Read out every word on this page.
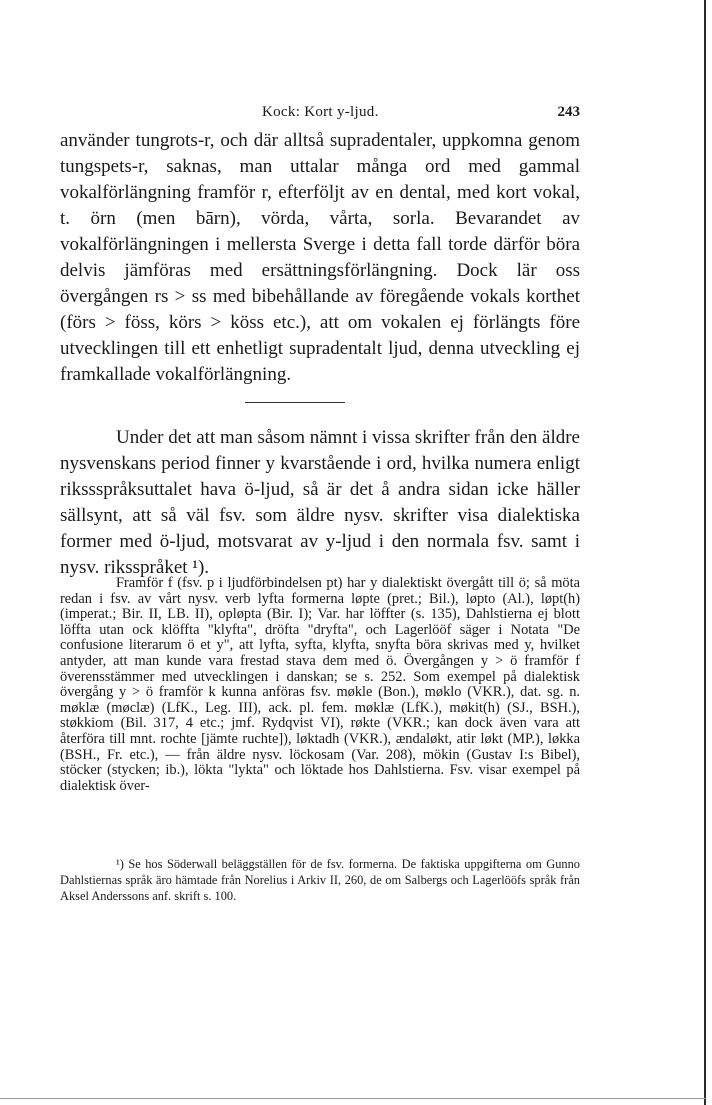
Kock: Kort y-ljud.	243
använder tungrots-r, och där alltså supradentaler, uppkomna genom tungspets-r, saknas, man uttalar många ord med gammal vokalförlängning framför r, efterföljt av en dental, med kort vokal, t. örn (men bārn), vörda, vårta, sorla. Bevarandet av vokalförlängningen i mellersta Sverge i detta fall torde därför böra delvis jämföras med ersättningsförlängning. Dock lär oss övergången rs > ss med bibehållande av föregående vokals korthet (förs > föss, körs > köss etc.), att om vokalen ej förlängts före utvecklingen till ett enhetligt supradentalt ljud, denna utveckling ej framkallade vokalförlängning.
Under det att man såsom nämnt i vissa skrifter från den äldre nysvenskans period finner y kvarstående i ord, hvilka numera enligt rikssspråksuttalet hava ö-ljud, så är det å andra sidan icke häller sällsynt, att så väl fsv. som äldre nysv. skrifter visa dialektiska former med ö-ljud, motsvarat av y-ljud i den normala fsv. samt i nysv. riksspråket ¹).
Framför f (fsv. p i ljudförbindelsen pt) har y dialektiskt övergått till ö; så möta redan i fsv. av vårt nysv. verb lyfta formerna løpte (pret.; Bil.), løpto (Al.), løpt(h) (imperat.; Bir. II, LB. II), opløpta (Bir. I); Var. har löffter (s. 135), Dahlstierna ej blott löffta utan ock klöffta "klyfta", dröfta "dryfta", och Lagerlööf säger i Notata "De confusione literarum ö et y", att lyfta, syfta, klyfta, snyfta böra skrivas med y, hvilket antyder, att man kunde vara frestad stava dem med ö. Övergången y > ö framför f överensstämmer med utvecklingen i danskan; se s. 252. Som exempel på dialektisk övergång y > ö framför k kunna anföras fsv. møkle (Bon.), møklo (VKR.), dat. sg. n. møklæ (møclæ) (LfK., Leg. III), ack. pl. fem. møklæ (LfK.), møkit(h) (SJ., BSH.), støkkiom (Bil. 317, 4 etc.; jmf. Rydqvist VI), røkte (VKR.; kan dock även vara att återföra till mnt. rochte [jämte ruchte]), løktadh (VKR.), ændaløkt, atir løkt (MP.), løkka (BSH., Fr. etc.), — från äldre nysv. löckosam (Var. 208), mökin (Gustav I:s Bibel), stöcker (stycken; ib.), lökta "lykta" och löktade hos Dahlstierna. Fsv. visar exempel på dialektisk över-
¹) Se hos Söderwall beläggställen för de fsv. formerna. De faktiska uppgifterna om Gunno Dahlstiernas språk äro hämtade från Norelius i Arkiv II, 260, de om Salbergs och Lagerlööfs språk från Aksel Anderssons anf. skrift s. 100.
